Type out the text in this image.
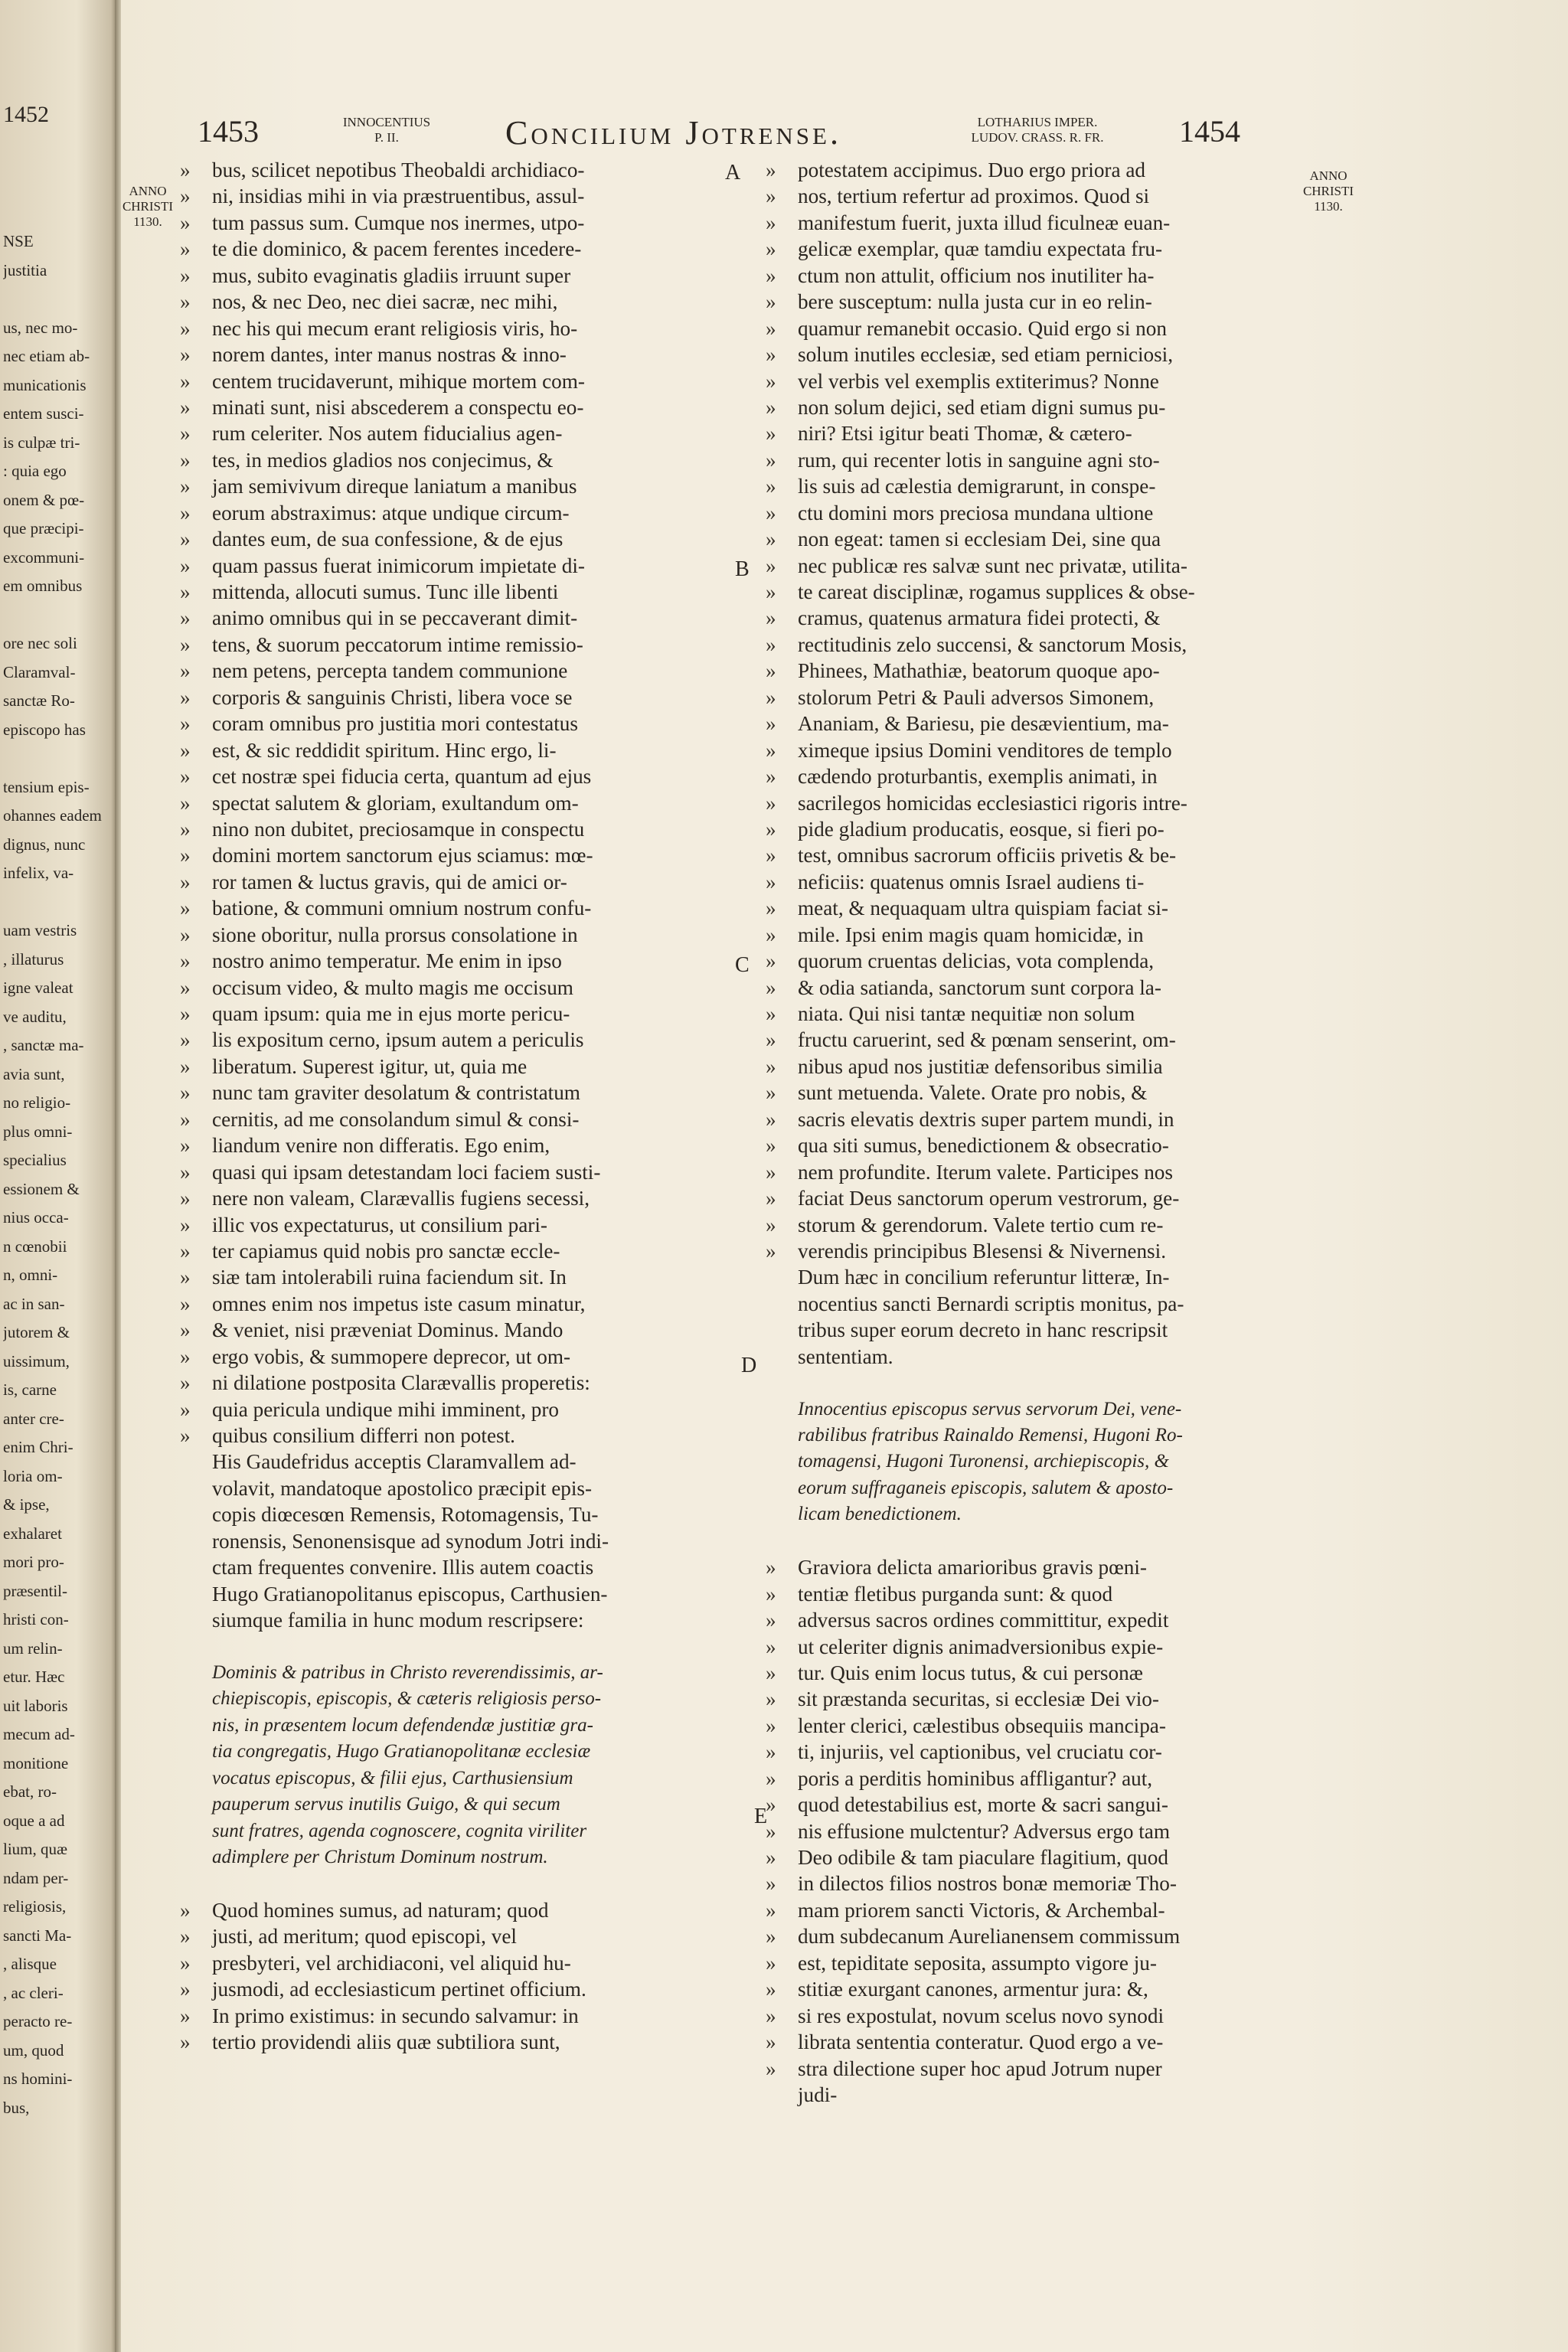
1452
NSE
justitia
us, nec mo-
nec etiam ab-
municationis
entem susci-
is culpæ tri-
: quia ego
onem & pœ-
que præcipi-
excommuni-
em omnibus
ore nec soli
Claramval-
sanctæ Ro-
episcopo has
tensium epis-
ohannes eadem
dignus, nunc
infelix, va-
uam vestris
, illaturus
igne valeat
ve auditu,
, sanctæ ma-
avia sunt,
no religio-
plus omni-
specialius
essionem &
nius occa-
n cœnobii
n, omni-
ac in san-
jutorem &
uissimum,
is, carne
anter cre-
enim Chri-
loria om-
& ipse,
exhalaret
mori pro-
præsentil-
hristi con-
um relin-
etur. Hæc
uit laboris
mecum ad-
monitione
ebat, ro-
oque a ad
lium, quæ
ndam per-
religiosis,
sancti Ma-
, alisque
, ac cleri-
peracto re-
um, quod
ns homini-
bus,
1453	INNOCENTIUS
P. II.	Concilium Jotrense.	LOTHARIUS IMPER.
LUDOV. CRASS. R. FR.	1454
ANNO
CHRISTI
1130.
ANNO
CHRISTI
1130.
A
B
C
D
E
» bus, scilicet nepotibus Theobaldi archidiaco-
» ni, insidias mihi in via præstruentibus, assul-
» tum passus sum. Cumque nos inermes, utpo-
» te die dominico, & pacem ferentes incedere-
» mus, subito evaginatis gladiis irruunt super
» nos, & nec Deo, nec diei sacræ, nec mihi,
» nec his qui mecum erant religiosis viris, ho-
» norem dantes, inter manus nostras & inno-
» centem trucidaverunt, mihique mortem com-
» minati sunt, nisi abscederem a conspectu eo-
» rum celeriter. Nos autem fiducialius agen-
» tes, in medios gladios nos conjecimus, &
» jam semivivum direque laniatum a manibus
» eorum abstraximus: atque undique circum-
» dantes eum, de sua confessione, & de ejus
» quam passus fuerat inimicorum impietate di-
» mittenda, allocuti sumus. Tunc ille libenti
» animo omnibus qui in se peccaverant dimit-
» tens, & suorum peccatorum intime remissio-
» nem petens, percepta tandem communione
» corporis & sanguinis Christi, libera voce se
» coram omnibus pro justitia mori contestatus
» est, & sic reddidit spiritum. Hinc ergo, li-
» cet nostræ spei fiducia certa, quantum ad ejus
» spectat salutem & gloriam, exultandum om-
» nino non dubitet, preciosamque in conspectu
» domini mortem sanctorum ejus sciamus: mœ-
» ror tamen & luctus gravis, qui de amici or-
» batione, & communi omnium nostrum confu-
» sione oboritur, nulla prorsus consolatione in
» nostro animo temperatur. Me enim in ipso
» occisum video, & multo magis me occisum
» quam ipsum: quia me in ejus morte pericu-
» lis expositum cerno, ipsum autem a periculis
» liberatum. Superest igitur, ut, quia me
» nunc tam graviter desolatum & contristatum
» cernitis, ad me consolandum simul & consi-
» liandum venire non differatis. Ego enim,
» quasi qui ipsam detestandam loci faciem susti-
» nere non valeam, Clarævallis fugiens secessi,
» illic vos expectaturus, ut consilium pari-
» ter capiamus quid nobis pro sanctæ eccle-
» siæ tam intolerabili ruina faciendum sit. In
» omnes enim nos impetus iste casum minatur,
» & veniet, nisi præveniat Dominus. Mando
» ergo vobis, & summopere deprecor, ut om-
» ni dilatione postposita Clarævallis properetis:
» quia pericula undique mihi imminent, pro
» quibus consilium differri non potest.
His Gaudefridus acceptis Claramvallem ad-
volavit, mandatoque apostolico præcipit epis-
copis diœcesœn Remensis, Rotomagensis, Tu-
ronensis, Senonensisque ad synodum Jotri indi-
ctam frequentes convenire. Illis autem coactis
Hugo Gratianopolitanus episcopus, Carthusien-
siumque familia in hunc modum rescripsere:
Dominis & patribus in Christo reverendissimis, ar-
chiepiscopis, episcopis, & cæteris religiosis perso-
nis, in præsentem locum defendendæ justitiæ gra-
tia congregatis, Hugo Gratianopolitanæ ecclesiæ
vocatus episcopus, & filii ejus, Carthusiensium
pauperum servus inutilis Guigo, & qui secum
sunt fratres, agenda cognoscere, cognita viriliter
adimplere per Christum Dominum nostrum.
» Quod homines sumus, ad naturam; quod
» justi, ad meritum; quod episcopi, vel
» presbyteri, vel archidiaconi, vel aliquid hu-
» jusmodi, ad ecclesiasticum pertinet officium.
» In primo existimus: in secundo salvamur: in
» tertio providendi aliis quæ subtiliora sunt,
» potestatem accipimus. Duo ergo priora ad
» nos, tertium refertur ad proximos. Quod si
» manifestum fuerit, juxta illud ficulneæ euan-
» gelicæ exemplar, quæ tamdiu expectata fru-
» ctum non attulit, officium nos inutiliter ha-
» bere susceptum: nulla justa cur in eo relin-
» quamur remanebit occasio. Quid ergo si non
» solum inutiles ecclesiæ, sed etiam perniciosi,
» vel verbis vel exemplis extiterimus? Nonne
» non solum dejici, sed etiam digni sumus pu-
» niri? Etsi igitur beati Thomæ, & cætero-
» rum, qui recenter lotis in sanguine agni sto-
» lis suis ad cælestia demigrarunt, in conspe-
» ctu domini mors preciosa mundana ultione
» non egeat: tamen si ecclesiam Dei, sine qua
» nec publicæ res salvæ sunt nec privatæ, utilita-
» te careat disciplinæ, rogamus supplices & obse-
» cramus, quatenus armatura fidei protecti, &
» rectitudinis zelo succensi, & sanctorum Mosis,
» Phinees, Mathathiæ, beatorum quoque apo-
» stolorum Petri & Pauli adversos Simonem,
» Ananiam, & Bariesu, pie desævientium, ma-
» ximeque ipsius Domini venditores de templo
» cædendo proturbantis, exemplis animati, in
» sacrilegos homicidas ecclesiastici rigoris intre-
» pide gladium producatis, eosque, si fieri po-
» test, omnibus sacrorum officiis privetis & be-
» neficiis: quatenus omnis Israel audiens ti-
» meat, & nequaquam ultra quispiam faciat si-
» mile. Ipsi enim magis quam homicidæ, in
» quorum cruentas delicias, vota complenda,
» & odia satianda, sanctorum sunt corpora la-
» niata. Qui nisi tantæ nequitiæ non solum
» fructu caruerint, sed & pœnam senserint, om-
» nibus apud nos justitiæ defensoribus similia
» sunt metuenda. Valete. Orate pro nobis, &
» sacris elevatis dextris super partem mundi, in
» qua siti sumus, benedictionem & obsecratio-
» nem profundite. Iterum valete. Participes nos
» faciat Deus sanctorum operum vestrorum, ge-
» storum & gerendorum. Valete tertio cum re-
» verendis principibus Blesensi & Nivernensi.
Dum hæc in concilium referuntur litteræ, In-
nocentius sancti Bernardi scriptis monitus, pa-
tribus super eorum decreto in hanc rescripsit
sententiam.
Innocentius episcopus servus servorum Dei, vene-
rabilibus fratribus Rainaldo Remensi, Hugoni Ro-
tomagensi, Hugoni Turonensi, archiepiscopis, &
eorum suffraganeis episcopis, salutem & aposto-
licam benedictionem.
» Graviora delicta amarioribus gravis pœni-
» tentiæ fletibus purganda sunt: & quod
» adversus sacros ordines committitur, expedit
» ut celeriter dignis animadversionibus expie-
» tur. Quis enim locus tutus, & cui personæ
» sit præstanda securitas, si ecclesiæ Dei vio-
» lenter clerici, cælestibus obsequiis mancipa-
» ti, injuriis, vel captionibus, vel cruciatu cor-
» poris a perditis hominibus affligantur? aut,
» quod detestabilius est, morte & sacri sangui-
» nis effusione mulctentur? Adversus ergo tam
» Deo odibile & tam piaculare flagitium, quod
» in dilectos filios nostros bonæ memoriæ Tho-
» mam priorem sancti Victoris, & Archembal-
» dum subdecanum Aurelianensem commissum
» est, tepiditate seposita, assumpto vigore ju-
» stitiæ exurgant canones, armentur jura: &,
» si res expostulat, novum scelus novo synodi
» librata sententia conteratur. Quod ergo a ve-
» stra dilectione super hoc apud Jotrum nuper
judi-
